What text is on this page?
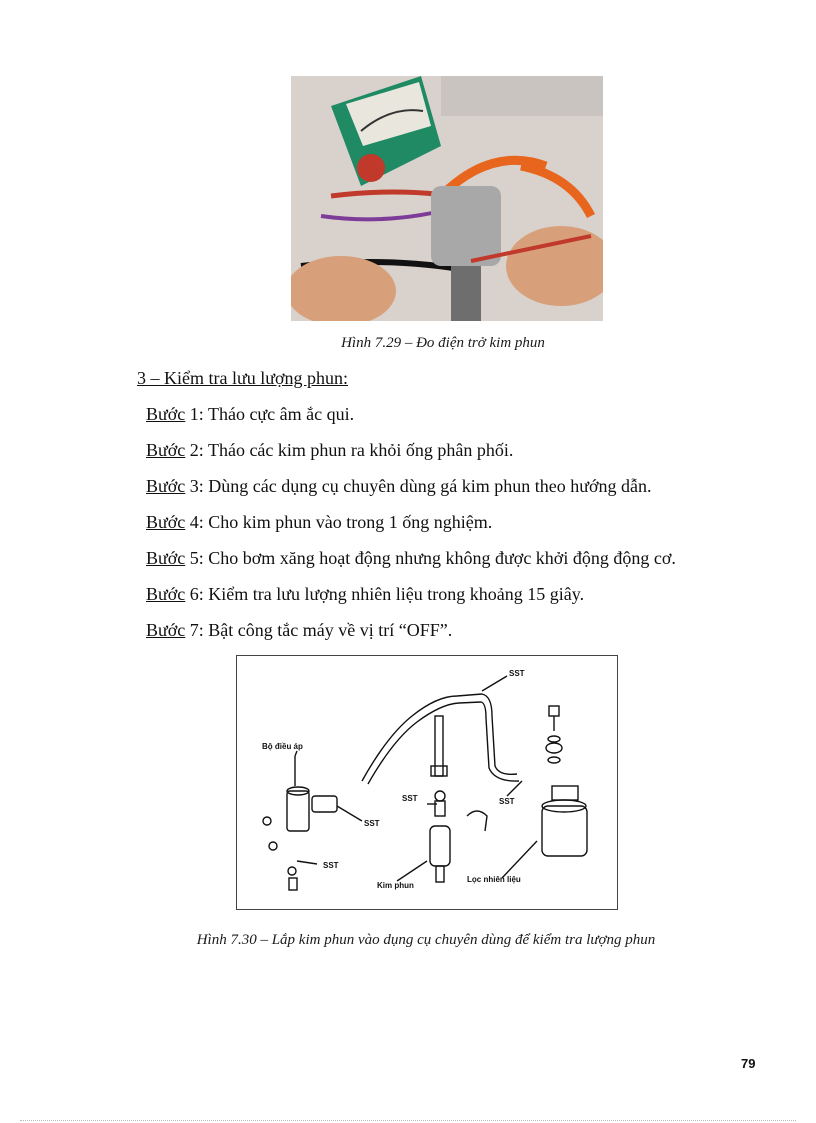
Hình 7.29 – Đo điện trở kim phun
3 – Kiểm tra lưu lượng phun:
Bước 1: Tháo cực âm ắc qui.
Bước 2: Tháo các kim phun ra khỏi ống phân phối.
Bước 3: Dùng các dụng cụ chuyên dùng gá kim phun theo hướng dẫn.
Bước 4: Cho kim phun vào trong 1 ống nghiệm.
Bước 5: Cho bơm xăng hoạt động nhưng không được khởi động động cơ.
Bước 6: Kiểm tra lưu lượng nhiên liệu trong khoảng 15 giây.
Bước 7: Bật công tắc máy về vị trí “OFF”.
SST
Bộ điều áp
SST
SST
SST
SST
Kim phun
Lọc nhiên liệu
Hình 7.30 – Lắp kim phun vào dụng cụ chuyên dùng để kiểm tra lượng phun
79
